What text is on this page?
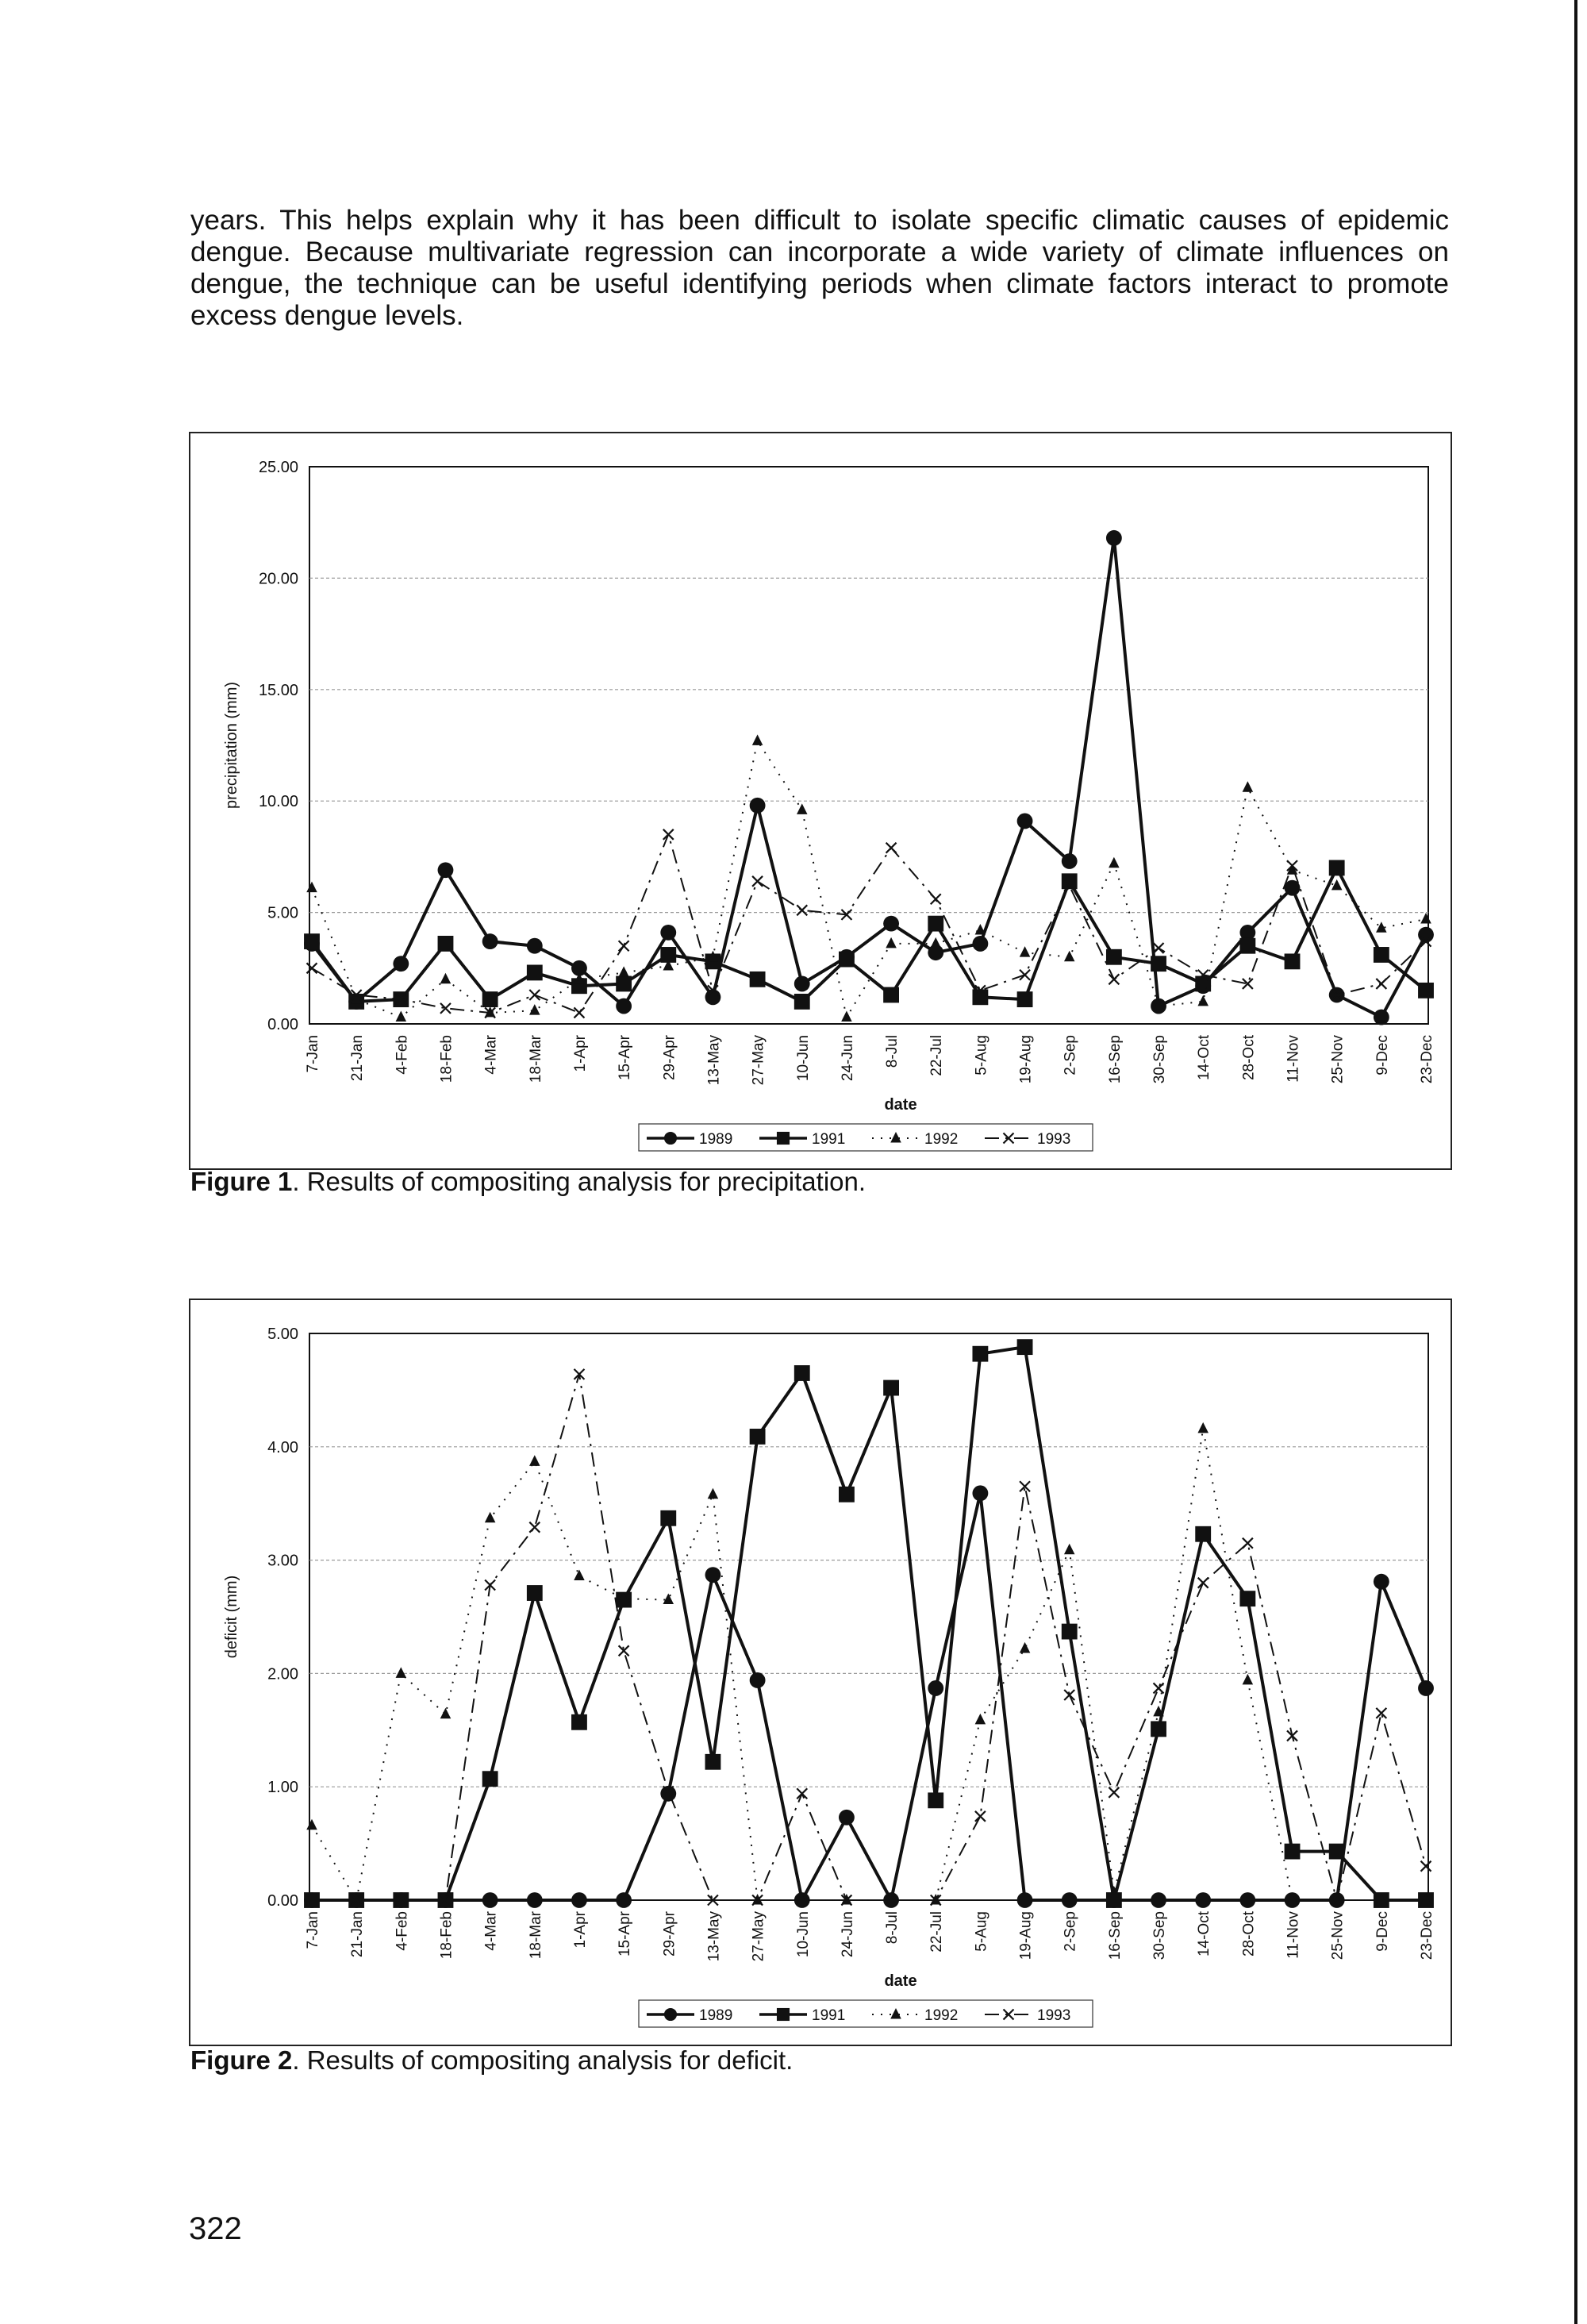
years. This helps explain why it has been difficult to isolate specific climatic causes of epidemic dengue. Because multivariate regression can incorporate a wide variety of climate influences on dengue, the technique can be useful identifying periods when climate factors interact to promote excess dengue levels.

0.00
5.00
10.00
15.00
20.00
25.00
7-Jan 21-Jan 4-Feb 18-Feb 4-Mar 18-Mar 1-Apr 15-Apr 29-Apr 13-May 27-May 10-Jun 24-Jun 8-Jul 22-Jul 5-Aug 19-Aug 2-Sep 16-Sep 30-Sep 14-Oct 28-Oct 11-Nov 25-Nov 9-Dec 23-Dec
date
precipitation (mm)
1989	1991	1992	1993

Figure 1. Results of compositing analysis for precipitation.

0.00
1.00
2.00
3.00
4.00
5.00
7-Jan 21-Jan 4-Feb 18-Feb 4-Mar 18-Mar 1-Apr 15-Apr 29-Apr 13-May 27-May 10-Jun 24-Jun 8-Jul 22-Jul 5-Aug 19-Aug 2-Sep 16-Sep 30-Sep 14-Oct 28-Oct 11-Nov 25-Nov 9-Dec 23-Dec
date
deficit (mm)
1989	1991	1992	1993

Figure 2. Results of compositing analysis for deficit.

322
